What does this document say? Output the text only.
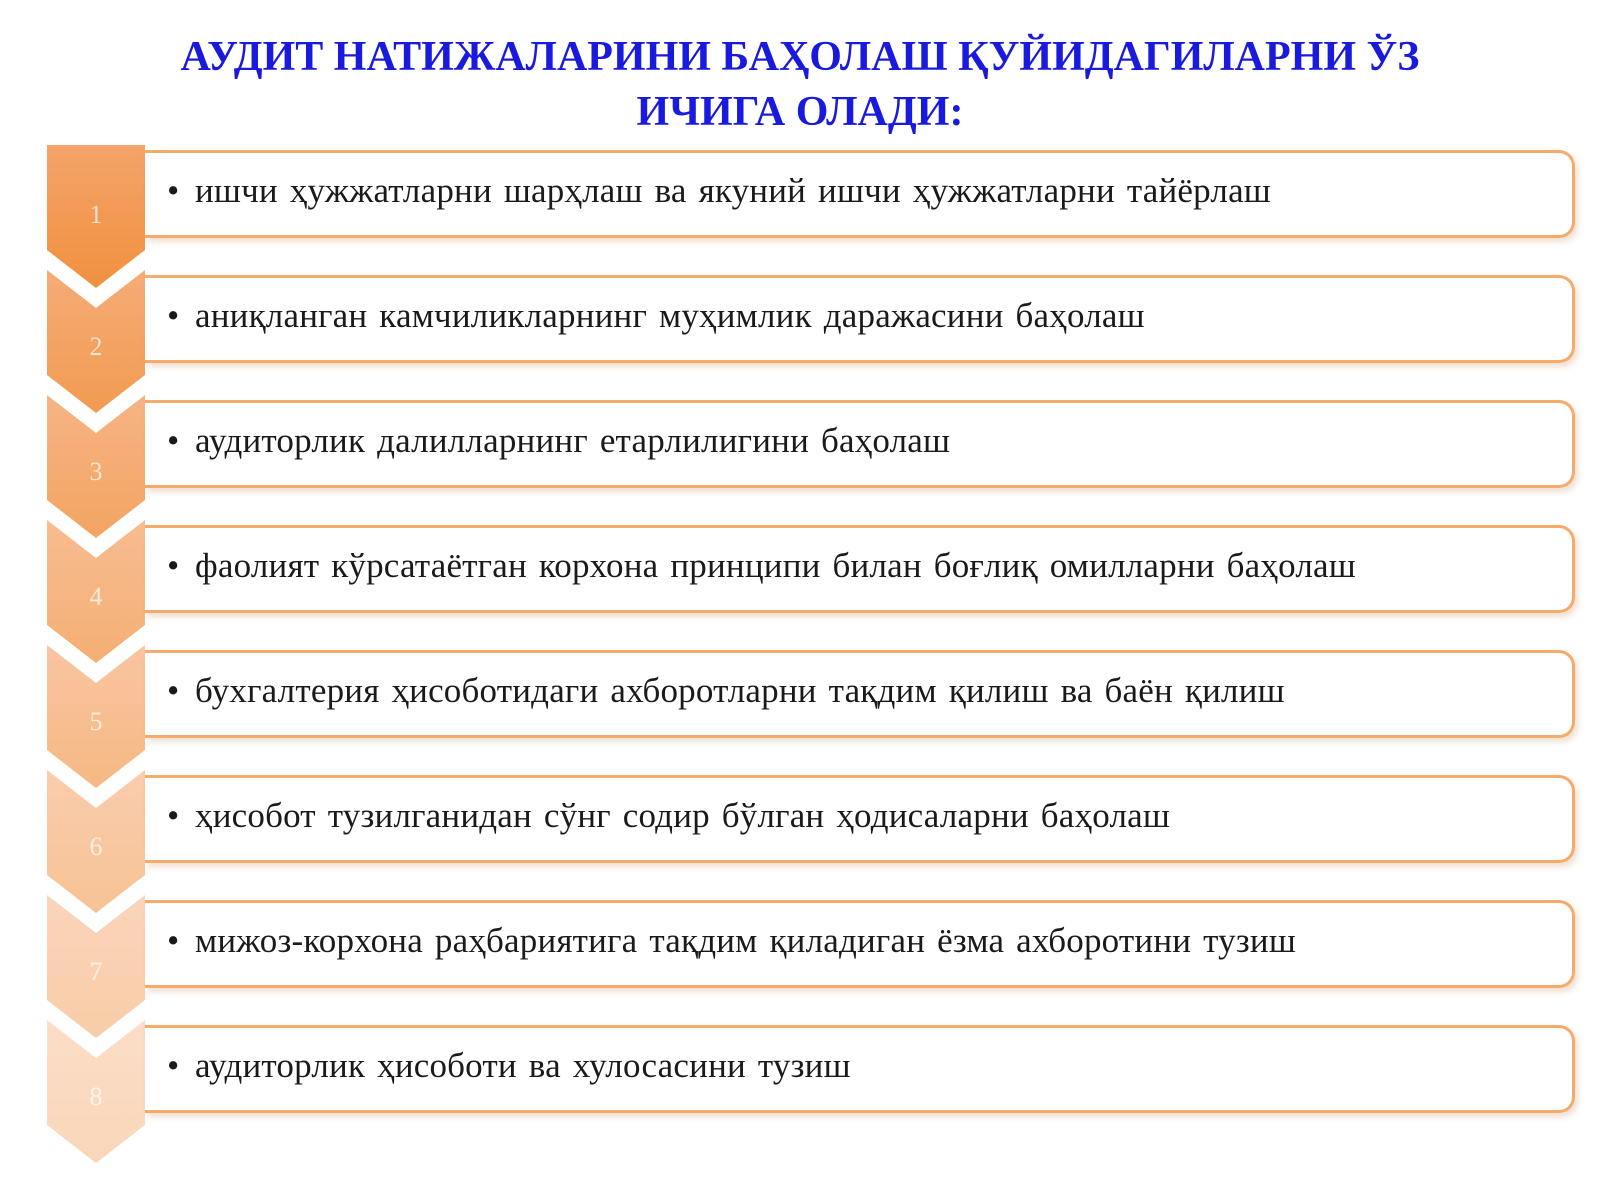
АУДИТ НАТИЖАЛАРИНИ БАҲОЛАШ ҚУЙИДАГИЛАРНИ ЎЗ
ИЧИГА ОЛАДИ:
1
• ишчи ҳужжатларни шарҳлаш ва якуний ишчи ҳужжатларни тайёрлаш
2
• аниқланган камчиликларнинг муҳимлик даражасини баҳолаш
3
• аудиторлик далилларнинг етарлилигини баҳолаш
4
• фаолият кўрсатаётган корхона принципи билан боғлиқ омилларни баҳолаш
5
• бухгалтерия ҳисоботидаги ахборотларни тақдим қилиш ва баён қилиш
6
• ҳисобот тузилганидан сўнг содир бўлган ҳодисаларни баҳолаш
7
• мижоз-корхона раҳбариятига тақдим қиладиган ёзма ахборотини тузиш
8
• аудиторлик ҳисоботи ва хулосасини тузиш
